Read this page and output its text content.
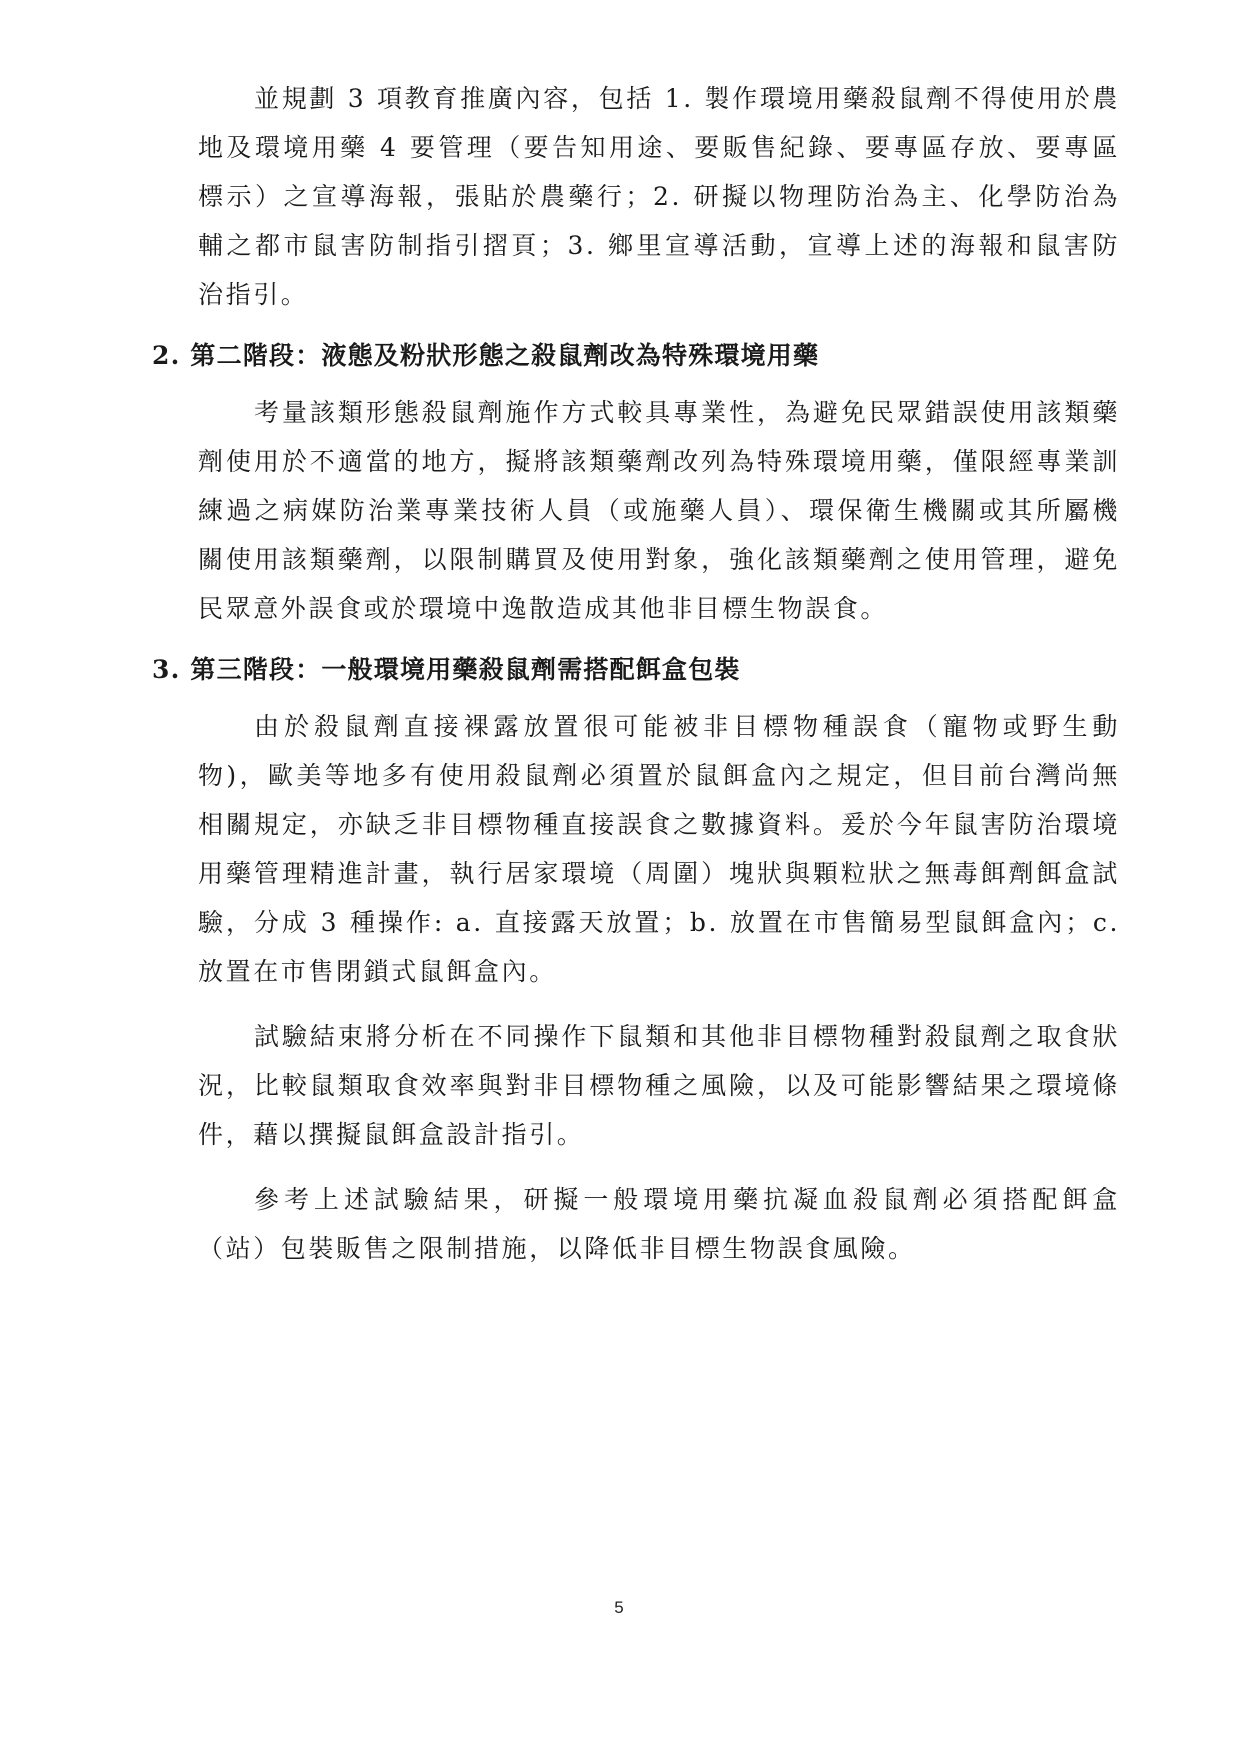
並規劃 3 項教育推廣內容，包括 1. 製作環境用藥殺鼠劑不得使用於農地及環境用藥 4 要管理（要告知用途、要販售紀錄、要專區存放、要專區標示）之宣導海報，張貼於農藥行；2. 研擬以物理防治為主、化學防治為輔之都市鼠害防制指引摺頁；3. 鄉里宣導活動，宣導上述的海報和鼠害防治指引。

2. 第二階段：液態及粉狀形態之殺鼠劑改為特殊環境用藥

考量該類形態殺鼠劑施作方式較具專業性，為避免民眾錯誤使用該類藥劑使用於不適當的地方，擬將該類藥劑改列為特殊環境用藥，僅限經專業訓練過之病媒防治業專業技術人員（或施藥人員）、環保衛生機關或其所屬機關使用該類藥劑，以限制購買及使用對象，強化該類藥劑之使用管理，避免民眾意外誤食或於環境中逸散造成其他非目標生物誤食。

3. 第三階段：一般環境用藥殺鼠劑需搭配餌盒包裝

由於殺鼠劑直接裸露放置很可能被非目標物種誤食（寵物或野生動物)，歐美等地多有使用殺鼠劑必須置於鼠餌盒內之規定，但目前台灣尚無相關規定，亦缺乏非目標物種直接誤食之數據資料。爰於今年鼠害防治環境用藥管理精進計畫，執行居家環境（周圍）塊狀與顆粒狀之無毒餌劑餌盒試驗，分成 3 種操作: a. 直接露天放置；b. 放置在市售簡易型鼠餌盒內；c. 放置在市售閉鎖式鼠餌盒內。

試驗結束將分析在不同操作下鼠類和其他非目標物種對殺鼠劑之取食狀況，比較鼠類取食效率與對非目標物種之風險，以及可能影響結果之環境條件，藉以撰擬鼠餌盒設計指引。

參考上述試驗結果，研擬一般環境用藥抗凝血殺鼠劑必須搭配餌盒（站）包裝販售之限制措施，以降低非目標生物誤食風險。

5
